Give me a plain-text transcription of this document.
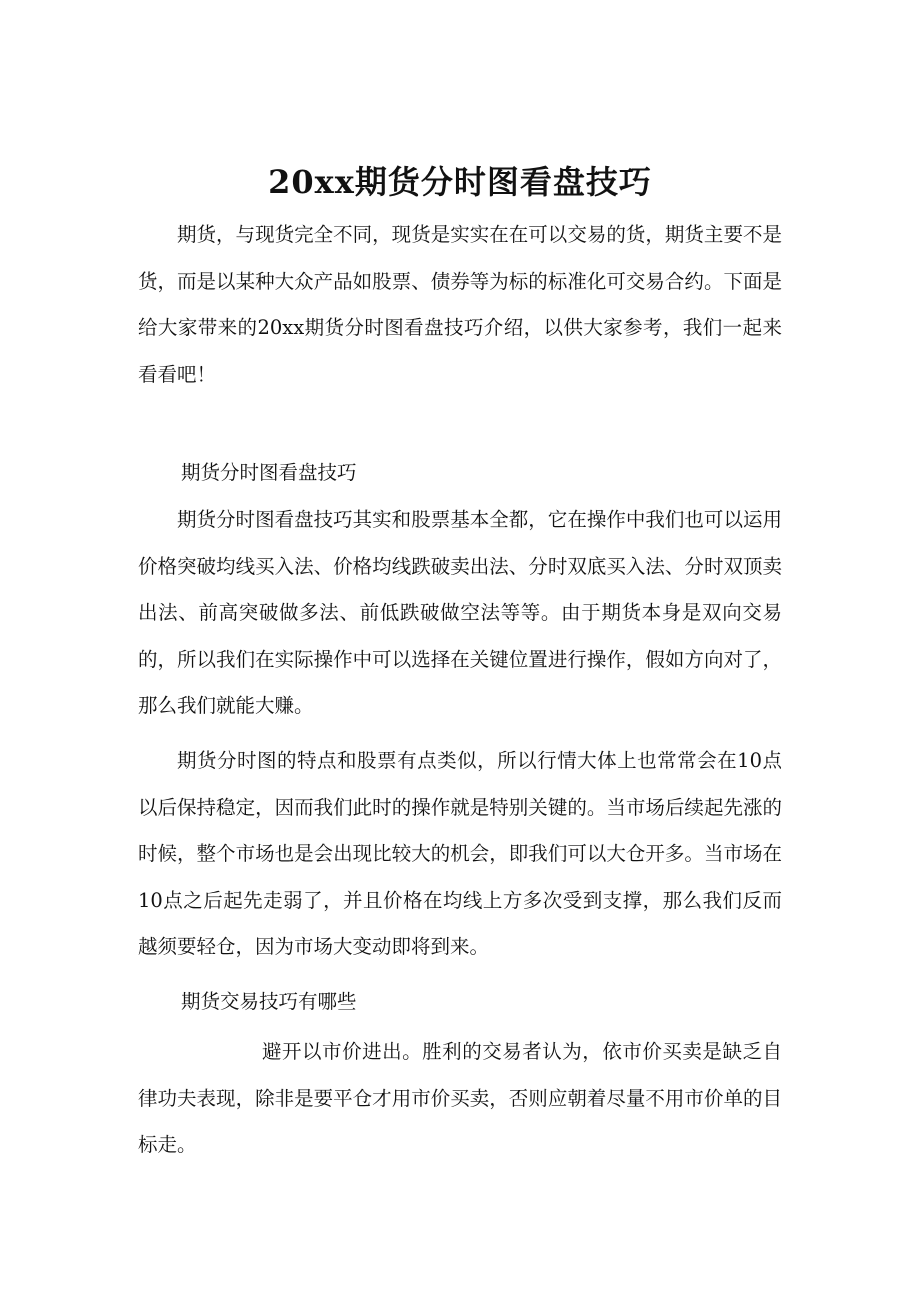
20xx期货分时图看盘技巧

期货，与现货完全不同，现货是实实在在可以交易的货，期货主要不是货，而是以某种大众产品如股票、债券等为标的标准化可交易合约。下面是给大家带来的20xx期货分时图看盘技巧介绍，以供大家参考，我们一起来看看吧！

期货分时图看盘技巧

期货分时图看盘技巧其实和股票基本全都，它在操作中我们也可以运用价格突破均线买入法、价格均线跌破卖出法、分时双底买入法、分时双顶卖出法、前高突破做多法、前低跌破做空法等等。由于期货本身是双向交易的，所以我们在实际操作中可以选择在关键位置进行操作，假如方向对了，那么我们就能大赚。

期货分时图的特点和股票有点类似，所以行情大体上也常常会在10点以后保持稳定，因而我们此时的操作就是特别关键的。当市场后续起先涨的时候，整个市场也是会出现比较大的机会，即我们可以大仓开多。当市场在10点之后起先走弱了，并且价格在均线上方多次受到支撑，那么我们反而越须要轻仓，因为市场大变动即将到来。

期货交易技巧有哪些

避开以市价进出。胜利的交易者认为，依市价买卖是缺乏自律功夫表现，除非是要平仓才用市价买卖，否则应朝着尽量不用市价单的目标走。
